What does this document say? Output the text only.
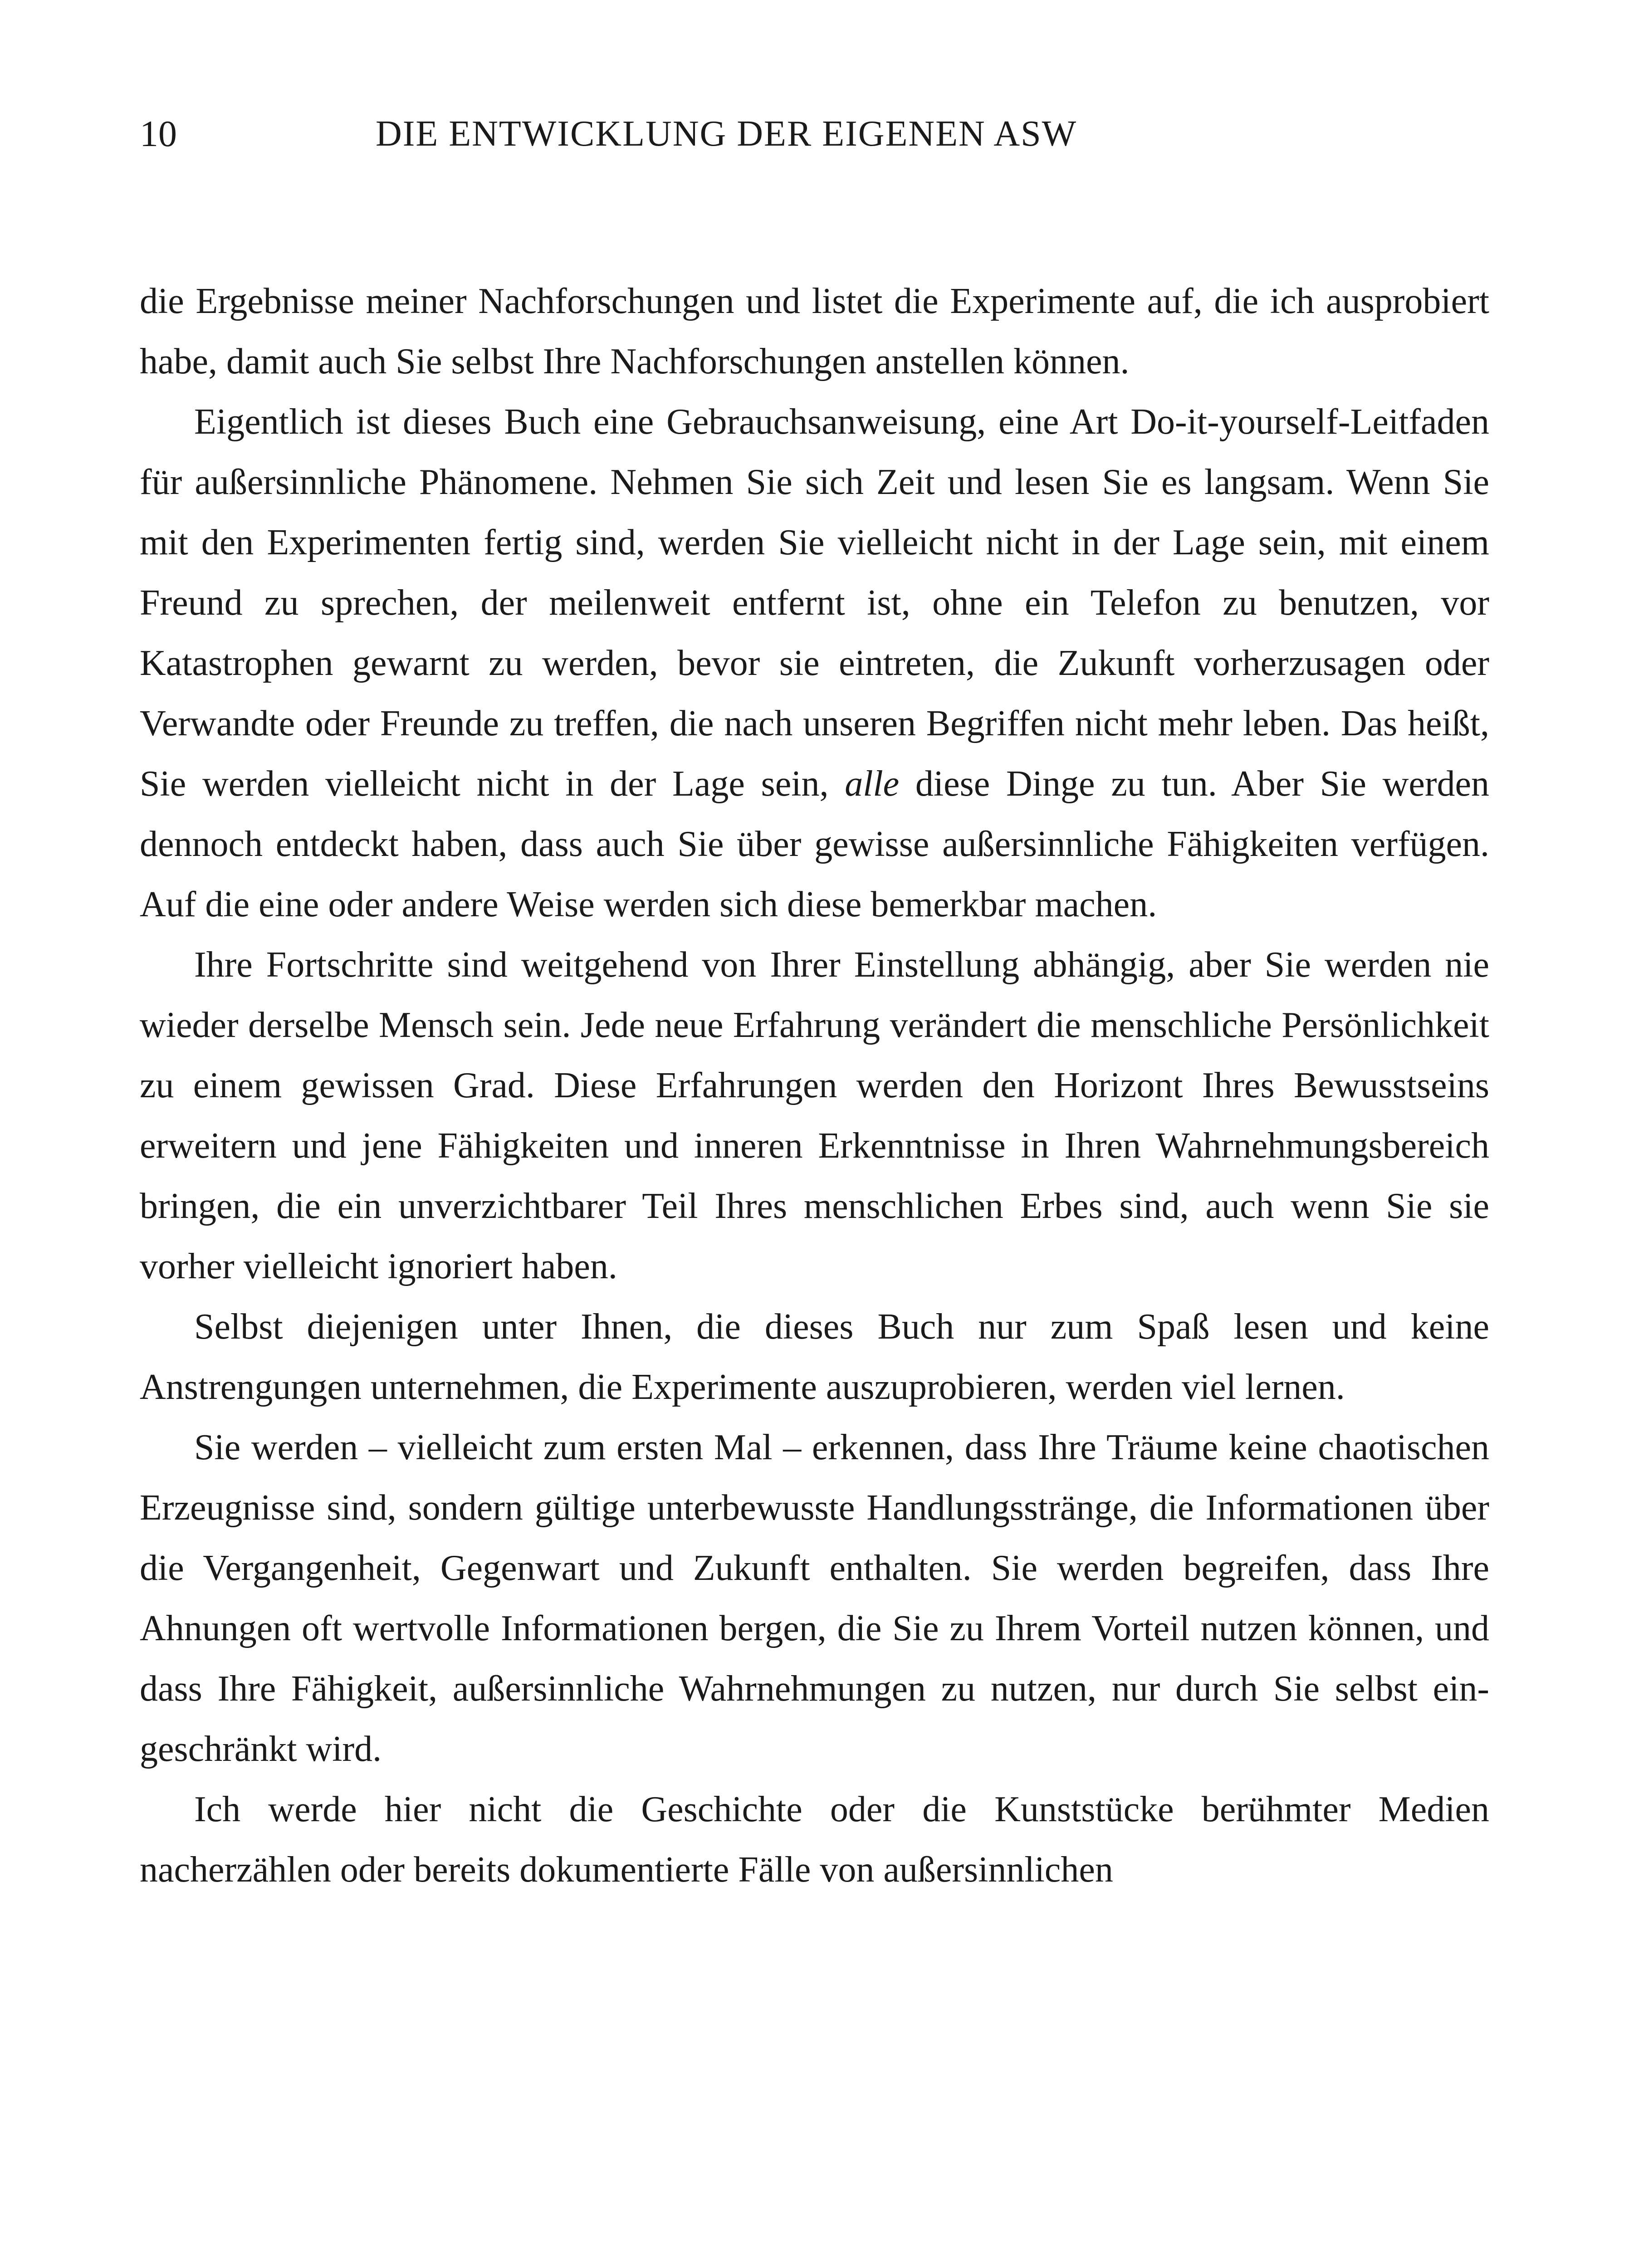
10	DIE ENTWICKLUNG DER EIGENEN ASW

die Ergebnisse meiner Nachforschungen und listet die Experimente auf, die ich ausprobiert habe, damit auch Sie selbst Ihre Nachforschungen anstellen können.

Eigentlich ist dieses Buch eine Gebrauchsanweisung, eine Art Do-it-yourself-Leitfaden für außersinnliche Phänomene. Nehmen Sie sich Zeit und lesen Sie es langsam. Wenn Sie mit den Experimenten fertig sind, werden Sie vielleicht nicht in der Lage sein, mit einem Freund zu sprechen, der meilenweit entfernt ist, ohne ein Telefon zu benutzen, vor Katastrophen gewarnt zu werden, bevor sie eintreten, die Zukunft vorherzusagen oder Verwandte oder Freunde zu treffen, die nach unseren Begriffen nicht mehr leben. Das heißt, Sie werden vielleicht nicht in der Lage sein, alle diese Dinge zu tun. Aber Sie werden dennoch entdeckt haben, dass auch Sie über gewisse außersinnliche Fähigkeiten verfügen. Auf die eine oder andere Weise werden sich diese bemerkbar machen.

Ihre Fortschritte sind weitgehend von Ihrer Einstellung abhängig, aber Sie werden nie wieder derselbe Mensch sein. Jede neue Erfahrung verändert die menschliche Persönlichkeit zu einem gewissen Grad. Diese Erfahrungen werden den Horizont Ihres Bewusstseins erweitern und jene Fähigkeiten und inneren Erkenntnisse in Ihren Wahrnehmungsbereich bringen, die ein unverzichtbarer Teil Ihres menschlichen Erbes sind, auch wenn Sie sie vorher vielleicht ignoriert haben.

Selbst diejenigen unter Ihnen, die dieses Buch nur zum Spaß lesen und keine Anstrengungen unternehmen, die Experimente auszuprobieren, werden viel lernen.

Sie werden – vielleicht zum ersten Mal – erkennen, dass Ihre Träume keine chaotischen Erzeugnisse sind, sondern gültige unterbewusste Handlungsstränge, die Informationen über die Vergangenheit, Gegenwart und Zukunft enthalten. Sie werden begreifen, dass Ihre Ahnungen oft wertvolle Informationen bergen, die Sie zu Ihrem Vorteil nutzen können, und dass Ihre Fähigkeit, außersinnliche Wahrnehmungen zu nutzen, nur durch Sie selbst eingeschränkt wird.

Ich werde hier nicht die Geschichte oder die Kunststücke berühmter Medien nacherzählen oder bereits dokumentierte Fälle von außersinnlichen
